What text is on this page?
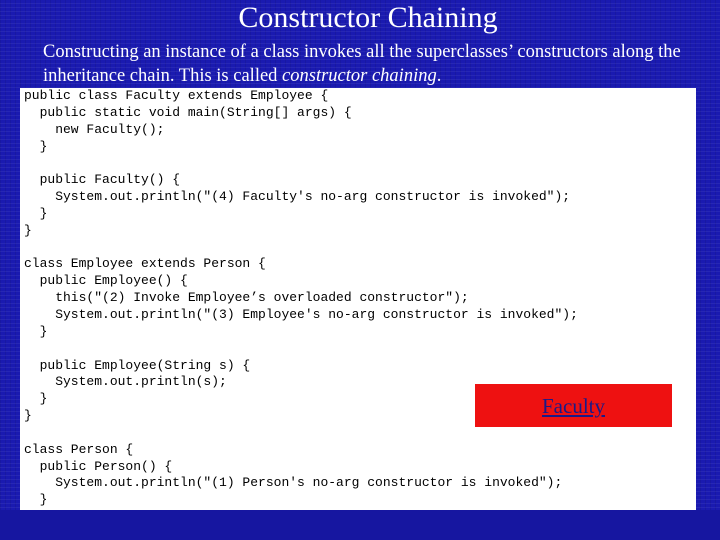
Constructor Chaining
Constructing an instance of a class invokes all the superclasses’ constructors along the inheritance chain. This is called constructor chaining.
public class Faculty extends Employee {
public static void main(String[] args) {
new Faculty();
}
public Faculty() {
System.out.println("(4) Faculty's no-arg constructor is invoked");
}
}
class Employee extends Person {
public Employee() {
this("(2) Invoke Employee’s overloaded constructor");
System.out.println("(3) Employee's no-arg constructor is invoked");
}
public Employee(String s) {
System.out.println(s);
}
}
class Person {
public Person() {
System.out.println("(1) Person's no-arg constructor is invoked");
}
Faculty
